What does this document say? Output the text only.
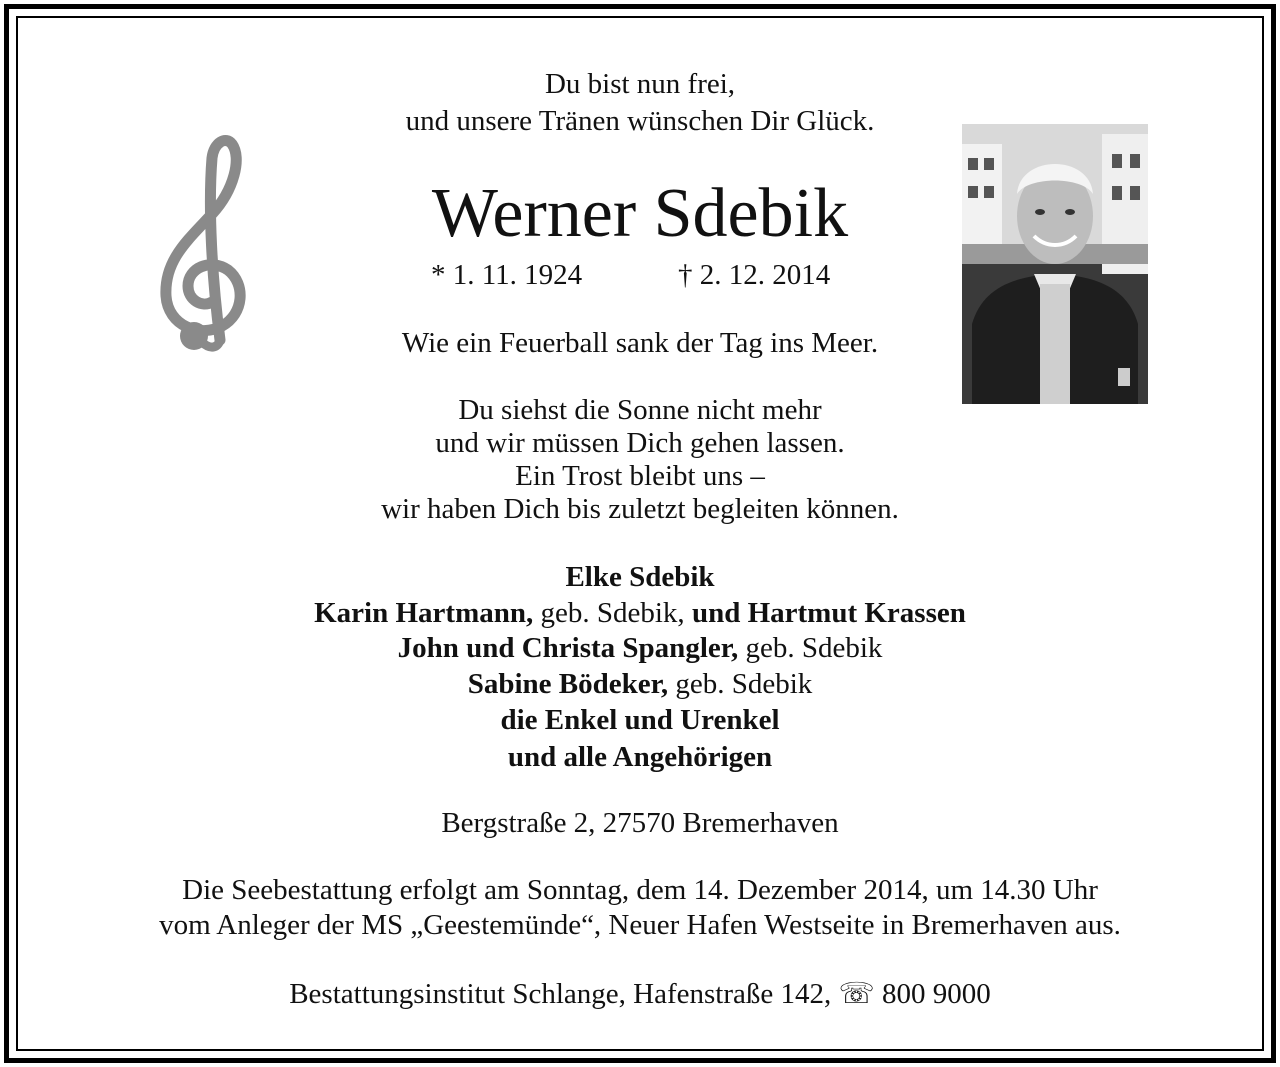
Du bist nun frei,
und unsere Tränen wünschen Dir Glück.
Werner Sdebik
* 1. 11. 1924	† 2. 12. 2014
Wie ein Feuerball sank der Tag ins Meer.
Du siehst die Sonne nicht mehr
und wir müssen Dich gehen lassen.
Ein Trost bleibt uns –
wir haben Dich bis zuletzt begleiten können.
Elke Sdebik
Karin Hartmann, geb. Sdebik, und Hartmut Krassen
John und Christa Spangler, geb. Sdebik
Sabine Bödeker, geb. Sdebik
die Enkel und Urenkel
und alle Angehörigen
Bergstraße 2, 27570 Bremerhaven
Die Seebestattung erfolgt am Sonntag, dem 14. Dezember 2014, um 14.30 Uhr
vom Anleger der MS „Geestemünde“, Neuer Hafen Westseite in Bremerhaven aus.
Bestattungsinstitut Schlange, Hafenstraße 142, ☏ 800 9000
